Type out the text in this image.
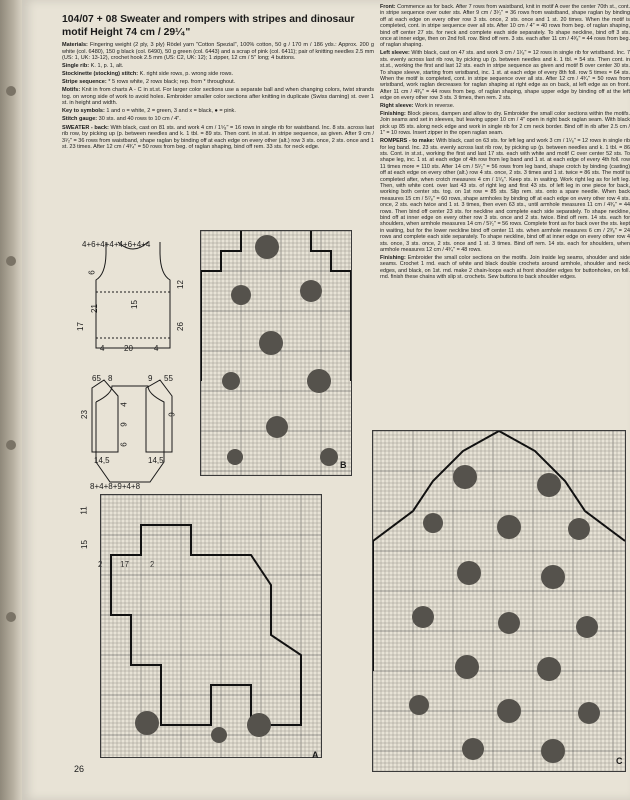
104/07 + 08 Sweater and rompers with stripes and dinosaur motif Height 74 cm / 29¹⁄₄"

Materials: Fingering weight (2 ply, 3 ply) Rödel yarn "Cotton Spezial", 100% cotton, 50 g / 170 m / 186 yds.: Approx. 200 g white (col. 6480), 150 g black (col. 6490), 50 g green (col. 6443) and a scrap of pink (col. 6411); pair of knitting needles 2.5 mm (US: 1, UK: 13-12), crochet hook 2.5 mm (US: C2, UK: 12); 1 zipper, 12 cm / 5" long; 4 buttons.

Single rib: K. 1, p. 1, alt.

Stockinette (stocking) stitch: K. right side rows, p. wrong side rows.

Stripe sequence: * 5 rows white, 2 rows black; rep. from * throughout.

Motifs: Knit in from charts A - C in st.st. For larger color sections use a separate ball and when changing colors, twist strands tog. on wrong side of work to avoid holes. Embroider smaller color sections after knitting in duplicate (Swiss darning) st. over 1 st. in height and width.

Key to symbols: 1 and o = white, 2 = green, 3 and x = black, ● = pink.

Stitch gauge: 30 sts. and 40 rows to 10 cm / 4".

SWEATER - back: With black, cast on 81 sts. and work 4 cm / 1⁵⁄₈" = 16 rows in single rib for waistband. Inc. 8 sts. across last rib row, by picking up (p. between needles and k. 1 tbl. = 89 sts. Then cont. in st.st. in stripe sequence, as given. After 9 cm / 3¹⁄₂" = 36 rows from waistband, shape raglan by binding off at each edge on every other (alt.) row 3 sts. once, 2 sts. once and 1 st. 23 times. After 12 cm / 4³⁄₄" = 50 rows from beg. of raglan shaping, bind off rem. 33 sts. for neck edge.

Front: Commence as for back. After 7 rows from waistband, knit in motif A over the center 70th st., cont. in stripe sequence over outer sts. After 9 cm / 3¹⁄₂" = 36 rows from waistband, shape raglan by binding off at each edge on every other row 3 sts. once, 2 sts. once and 1 st. 20 times. When the motif is completed, cont. in stripe sequence over all sts. After 10 cm / 4" = 40 rows from beg. of raglan shaping, bind off center 27 sts. for neck and complete each side separately. To shape neckline, bind off 3 sts. once at inner edge, then on 2nd foll. row. Bind off rem. 3 sts. each after 11 cm / 4³⁄₈" = 44 rows from beg. of raglan shaping.

Left sleeve: With black, cast on 47 sts. and work 3 cm / 1¹⁄₈" = 12 rows in single rib for wristband. Inc. 7 sts. evenly across last rib row, by picking up (p. between needles and k. 1 tbl. = 54 sts. Then cont. in st.st., working the first and last 12 sts. each in stripe sequence as given and motif B over center 30 sts. To shape sleeve, starting from wristband, inc. 1 st. at each edge of every 8th foll. row 5 times = 64 sts. When the motif is completed, cont. in stripe sequence over all sts. After 12 cm / 4³⁄₄" = 50 rows from wristband, work raglan decreases for raglan shaping at right edge as on back, at left edge as on front. After 11 cm / 4³⁄₈" = 44 rows from beg. of raglan shaping, shape upper edge by binding off at the left edge on every other row 3 sts. 3 times, then rem. 2 sts.

Right sleeve: Work in reverse.

Finishing: Block pieces, dampen and allow to dry. Embroider the small color sections within the motifs. Join seams and set in sleeves, but leaving upper 10 cm / 4" open in right back raglan seam. With black pick up 85 sts. along neck edge and work in single rib for 2 cm neck border. Bind off in rib after 2.5 cm / 1" = 10 rows. Insert zipper in the open raglan seam.

ROMPERS - to make: With black, cast on 63 sts. for left leg and work 3 cm / 1¹⁄₈" = 12 rows in single rib for leg band. Inc. 23 sts. evenly across last rib row, by picking up (p. between needles and k. 1 tbl. = 86 sts. Cont. in st.st., working the first and last 17 sts. each with white and motif C over center 52 sts. To shape leg, inc. 1 st. at each edge of 4th row from leg band and 1 st. at each edge of every 4th foll. row 11 times more = 110 sts. After 14 cm / 5¹⁄₂" = 56 rows from leg band, shape crotch by binding (casting) off at each edge on every other (alt.) row 4 sts. once, 2 sts. 3 times and 1 st. twice = 86 sts. The motif is completed after, when crotch measures 4 cm / 1⁵⁄₈". Keep sts. in waiting. Work right leg as for left leg. Then, with white cont. over last 43 sts. of right leg and first 43 sts. of left leg in one piece for back, working both center sts. tog. on 1st row = 85 sts. Slip rem. sts. onto a spare needle. When back measures 15 cm / 5⁷⁄₈" = 60 rows, shape armholes by binding off at each edge on every other row 4 sts. once, 2 sts. each twice and 1 st. 3 times, then even 63 sts., until armhole measures 11 cm / 4³⁄₈" = 44 rows. Then bind off center 23 sts. for neckline and complete each side separately. To shape neckline, bind off at inner edge on every other row 3 sts. once and 2 sts. twice. Bind off rem. 14 sts. each for shoulders, when armhole measures 14 cm / 5¹⁄₂" = 56 rows. Complete front as for back over the sts. kept in waiting, but for the lower neckline bind off center 11 sts. when armhole measures 6 cm / 2³⁄₈" = 24 rows and complete each side separately. To shape neckline, bind off at inner edge on every other row 4 sts. once, 3 sts. once, 2 sts. once and 1 st. 3 times. Bind off rem. 14 sts. each for shoulders, when armhole measures 12 cm / 4³⁄₄" = 48 rows.

Finishing: Embroider the small color sections on the motifs. Join inside leg seams, shoulder and side seams. Crochet 1 rnd. each of white and black double crochets around armhole, shoulder and neck edges, and black, on 1st. rnd. make 2 chain-loops each at front shoulder edges for buttonholes, on foll. rnd. finish these chains with slip st. crochets. Sew buttons to back shoulder edges.

4+6+4+4+4+6+4+4
6
21
17
12
26
15
4 20	4
65 8	9 55
23
4
9
6
9
14,5	14,5
8+4+8+9+4+8
11
15
2 17	2
B
A
C
26
